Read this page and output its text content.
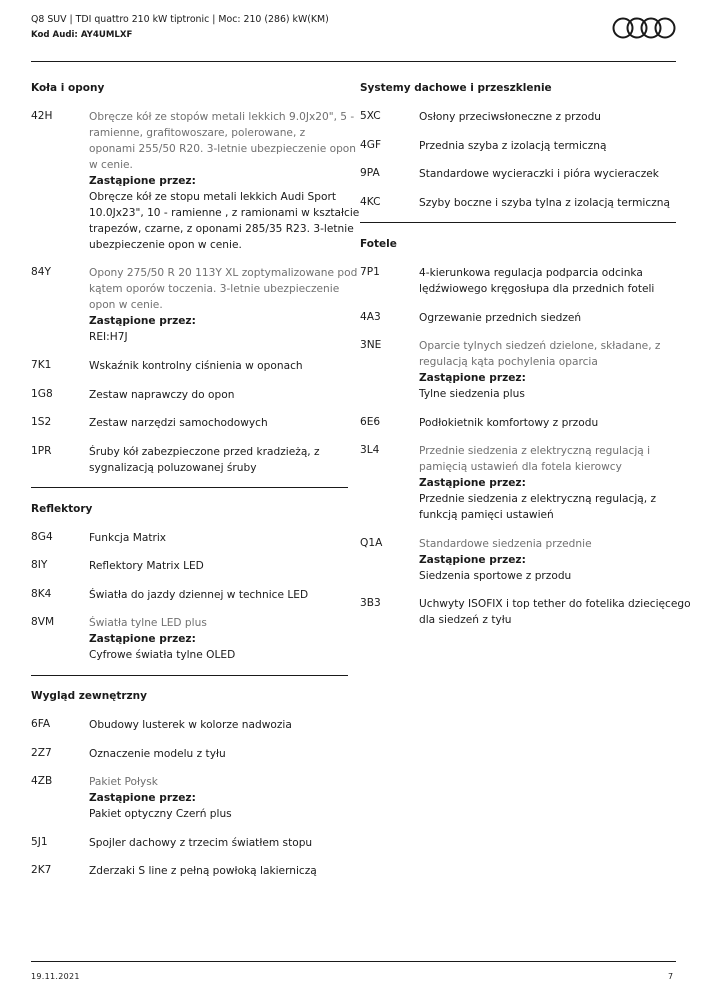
Q8 SUV | TDI quattro 210 kW tiptronic | Moc: 210 (286) kW(KM)
Kod Audi: AY4UMLXF
Koła i opony
42H	Obręcze kół ze stopów metali lekkich 9.0Jx20", 5 -
ramienne, grafitowoszare, polerowane, z
oponami 255/50 R20. 3-letnie ubezpieczenie opon
w cenie.
Zastąpione przez:
Obręcze kół ze stopu metali lekkich Audi Sport
10.0Jx23", 10 - ramienne , z ramionami w kształcie
trapezów, czarne, z oponami 285/35 R23. 3-letnie
ubezpieczenie opon w cenie.
84Y	Opony 275/50 R 20 113Y XL zoptymalizowane pod
kątem oporów toczenia. 3-letnie ubezpieczenie
opon w cenie.
Zastąpione przez:
REI:H7J
7K1	Wskaźnik kontrolny ciśnienia w oponach
1G8	Zestaw naprawczy do opon
1S2	Zestaw narzędzi samochodowych
1PR	Śruby kół zabezpieczone przed kradzieżą, z
sygnalizacją poluzowanej śruby
Reflektory
8G4	Funkcja Matrix
8IY	Reflektory Matrix LED
8K4	Światła do jazdy dziennej w technice LED
8VM	Światła tylne LED plus
Zastąpione przez:
Cyfrowe światła tylne OLED
Wygląd zewnętrzny
6FA	Obudowy lusterek w kolorze nadwozia
2Z7	Oznaczenie modelu z tyłu
4ZB	Pakiet Połysk
Zastąpione przez:
Pakiet optyczny Czerń plus
5J1	Spojler dachowy z trzecim światłem stopu
2K7	Zderzaki S line z pełną powłoką lakierniczą
Systemy dachowe i przeszklenie
5XC	Osłony przeciwsłoneczne z przodu
4GF	Przednia szyba z izolacją termiczną
9PA	Standardowe wycieraczki i pióra wycieraczek
4KC	Szyby boczne i szyba tylna z izolacją termiczną
Fotele
7P1	4-kierunkowa regulacja podparcia odcinka
lędźwiowego kręgosłupa dla przednich foteli
4A3	Ogrzewanie przednich siedzeń
3NE	Oparcie tylnych siedzeń dzielone, składane, z
regulacją kąta pochylenia oparcia
Zastąpione przez:
Tylne siedzenia plus
6E6	Podłokietnik komfortowy z przodu
3L4	Przednie siedzenia z elektryczną regulacją i
pamięcią ustawień dla fotela kierowcy
Zastąpione przez:
Przednie siedzenia z elektryczną regulacją, z
funkcją pamięci ustawień
Q1A	Standardowe siedzenia przednie
Zastąpione przez:
Siedzenia sportowe z przodu
3B3	Uchwyty ISOFIX i top tether do fotelika dziecięcego
dla siedzeń z tyłu
19.11.2021	7
